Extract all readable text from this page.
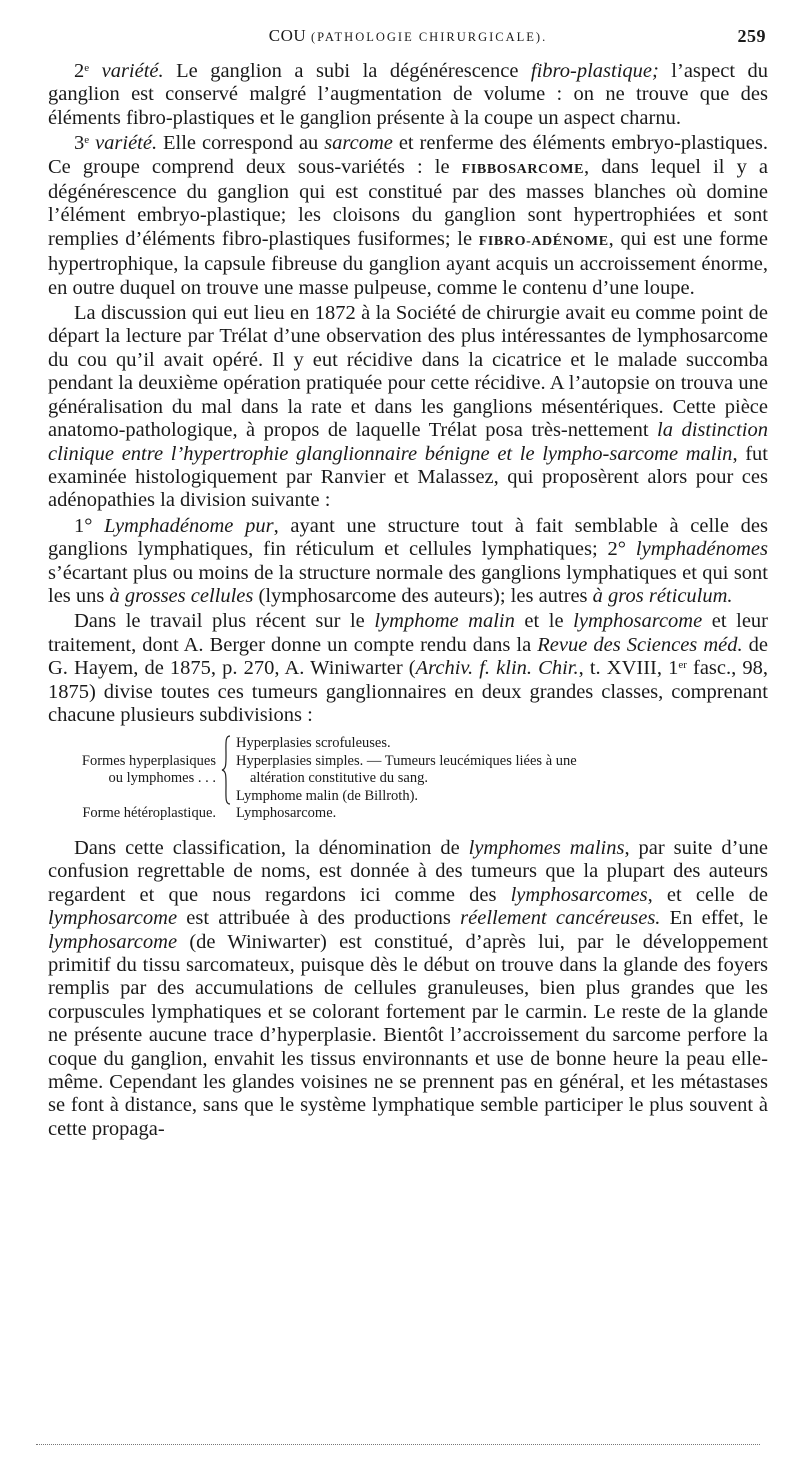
COU (PATHOLOGIE CHIRURGICALE).	259

2e variété. Le ganglion a subi la dégénérescence fibro-plastique; l’aspect du ganglion est conservé malgré l’augmentation de volume : on ne trouve que des éléments fibro-plastiques et le ganglion présente à la coupe un aspect charnu.

3e variété. Elle correspond au sarcome et renferme des éléments embryo-plastiques. Ce groupe comprend deux sous-variétés : le FIBBOSARCOME, dans lequel il y a dégénérescence du ganglion qui est constitué par des masses blanches où domine l’élément embryo-plastique; les cloisons du ganglion sont hypertrophiées et sont remplies d’éléments fibro-plastiques fusiformes; le FIBRO-ADÉNOME, qui est une forme hypertrophique, la capsule fibreuse du ganglion ayant acquis un accroissement énorme, en outre duquel on trouve une masse pulpeuse, comme le contenu d’une loupe.

La discussion qui eut lieu en 1872 à la Société de chirurgie avait eu comme point de départ la lecture par Trélat d’une observation des plus intéressantes de lymphosarcome du cou qu’il avait opéré. Il y eut récidive dans la cicatrice et le malade succomba pendant la deuxième opération pratiquée pour cette récidive. A l’autopsie on trouva une généralisation du mal dans la rate et dans les ganglions mésentériques. Cette pièce anatomo-pathologique, à propos de laquelle Trélat posa très-nettement la distinction clinique entre l’hypertrophie glanglionnaire bénigne et le lympho-sarcome malin, fut examinée histologiquement par Ranvier et Malassez, qui proposèrent alors pour ces adénopathies la division suivante :

1° Lymphadénome pur, ayant une structure tout à fait semblable à celle des ganglions lymphatiques, fin réticulum et cellules lymphatiques; 2° lymphadénomes s’écartant plus ou moins de la structure normale des ganglions lymphatiques et qui sont les uns à grosses cellules (lymphosarcome des auteurs); les autres à gros réticulum.

Dans le travail plus récent sur le lymphome malin et le lymphosarcome et leur traitement, dont A. Berger donne un compte rendu dans la Revue des Sciences méd. de G. Hayem, de 1875, p. 270, A. Winiwarter (Archiv. f. klin. Chir., t. XVIII, 1er fasc., 98, 1875) divise toutes ces tumeurs ganglionnaires en deux grandes classes, comprenant chacune plusieurs subdivisions :

Formes hyperplasiques
ou lymphomes . . .
Forme hétéroplastique.
Hyperplasies scrofuleuses.
Hyperplasies simples. — Tumeurs leucémiques liées à une
altération constitutive du sang.
Lymphome malin (de Billroth).
Lymphosarcome.

Dans cette classification, la dénomination de lymphomes malins, par suite d’une confusion regrettable de noms, est donnée à des tumeurs que la plupart des auteurs regardent et que nous regardons ici comme des lymphosarcomes, et celle de lymphosarcome est attribuée à des productions réellement cancéreuses. En effet, le lymphosarcome (de Winiwarter) est constitué, d’après lui, par le développement primitif du tissu sarcomateux, puisque dès le début on trouve dans la glande des foyers remplis par des accumulations de cellules granuleuses, bien plus grandes que les corpuscules lymphatiques et se colorant fortement par le carmin. Le reste de la glande ne présente aucune trace d’hyperplasie. Bientôt l’accroissement du sarcome perfore la coque du ganglion, envahit les tissus environnants et use de bonne heure la peau elle-même. Cependant les glandes voisines ne se prennent pas en général, et les métastases se font à distance, sans que le système lymphatique semble participer le plus souvent à cette propaga-
